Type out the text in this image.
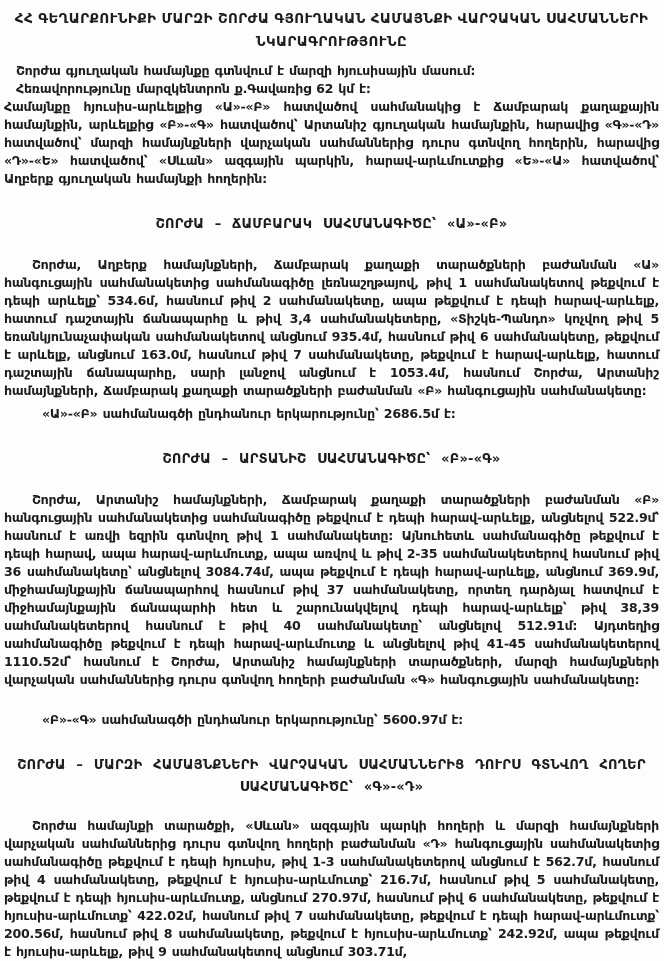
ՀՀ ԳԵՂԱՐՔՈՒՆԻՔԻ ՄԱՐԶԻ ՇՈՐԺԱ ԳՅՈՒՂԱԿԱՆ ՀԱՄԱՅՆՔԻ ՎԱՐՉԱԿԱՆ ՍԱՀՄԱՆՆԵՐԻ
ՆԿԱՐԱԳՐՈՒԹՅՈՒՆԸ

Շորժա գյուղական համայնքը գտնվում է մարզի հյուսիսային մասում:

Հեռավորությունը մարզկենտրոն ք.Գավառից 62 կմ է:

Համայնքը հյուսիս-արևելքից «Ա»-«Բ» հատվածով սահմանակից է Ճամբարակ քաղաքային համայնքին, արևելքից «Բ»-«Գ» հատվածով՝ Արտանիշ գյուղական համայնքին, հարավից «Գ»-«Դ» հատվածով՝ մարզի համայնքների վարչական սահմաններից դուրս գտնվող հողերին, հարավից «Դ»-«Ե» հատվածով՝ «Սևան» ազգային պարկին, հարավ-արևմուտքից «Ե»-«Ա» հատվածով՝ Աղբերք գյուղական համայնքի հողերին:

ՇՈՐԺԱ – ՃԱՄԲԱՐԱԿ ՍԱՀՄԱՆԱԳԻԾԸ՝ «Ա»-«Բ»

Շորժա, Աղբերք համայնքների, Ճամբարակ քաղաքի տարածքների բաժանման «Ա» հանգուցային սահմանակետից սահմանագիծը լեռնաշղթայով, թիվ 1 սահմանակետով թեքվում է դեպի արևելք՝ 534.6մ, հասնում թիվ 2 սահմանակետը, ապա թեքվում է դեպի հարավ-արևելք, հատում դաշտային ճանապարհը և թիվ 3,4 սահմանակետերը, «Տիշկե-Պանդո» կոչվող թիվ 5 եռանկյունաչափական սահմանակետով անցնում 935.4մ, հասնում թիվ 6 սահմանակետը, թեքվում է արևելք, անցնում 163.0մ, հասնում թիվ 7 սահմանակետը, թեքվում է հարավ-արևելք, հատում դաշտային ճանապարհը, սարի լանջով անցնում է 1053.4մ, հասնում Շորժա, Արտանիշ համայնքների, Ճամբարակ քաղաքի տարածքների բաժանման «Բ» հանգուցային սահմանակետը:

«Ա»-«Բ» սահմանագծի ընդհանուր երկարությունը՝ 2686.5մ է:

ՇՈՐԺԱ – ԱՐՏԱՆԻՇ ՍԱՀՄԱՆԱԳԻԾԸ՝ «Բ»-«Գ»

Շորժա, Արտանիշ համայնքների, Ճամբարակ քաղաքի տարածքների բաժանման «Բ» հանգուցային սահմանակետից սահմանագիծը թեքվում է դեպի հարավ-արևելք, անցնելով 522.9մ՝ հասնում է առվի եզրին գտնվող թիվ 1 սահմանակետը: Այնուհետև սահմանագիծը թեքվում է դեպի հարավ, ապա հարավ-արևմուտք, ապա առվով և թիվ 2-35 սահմանակետերով հասնում թիվ 36 սահմանակետը՝ անցնելով 3084.74մ, ապա թեքվում է դեպի հարավ-արևելք, անցնում 369.9մ, միջհամայնքային ճանապարհով հասնում թիվ 37 սահմանակետը, որտեղ դարձյալ հատվում է միջհամայնքային ճանապարհի հետ և շարունակվելով դեպի հարավ-արևելք՝ թիվ 38,39 սահմանակետերով հասնում է թիվ 40 սահմանակետը՝ անցնելով 512.91մ: Այդտեղից սահմանագիծը թեքվում է դեպի հարավ-արևմուտք և անցնելով թիվ 41-45 սահմանակետերով 1110.52մ՝ հասնում է Շորժա, Արտանիշ համայնքների տարածքների, մարզի համայնքների վարչական սահմաններից դուրս գտնվող հողերի բաժանման «Գ» հանգուցային սահմանակետը:

«Բ»-«Գ» սահմանագծի ընդհանուր երկարությունը՝ 5600.97մ է:

ՇՈՐԺԱ – ՄԱՐԶԻ ՀԱՄԱՅՆՔՆԵՐԻ ՎԱՐՉԱԿԱՆ ՍԱՀՄԱՆՆԵՐԻՑ ԴՈՒՐՍ ԳՏՆՎՈՂ ՀՈՂԵՐ ՍԱՀՄԱՆԱԳԻԾԸ՝ «Գ»-«Դ»

Շորժա համայնքի տարածքի, «Սևան» ազգային պարկի հողերի և մարզի համայնքների վարչական սահմաններից դուրս գտնվող հողերի բաժանման «Դ» հանգուցային սահմանակետից սահմանագիծը թեքվում է դեպի հյուսիս, թիվ 1-3 սահմանակետերով անցնում է 562.7մ, հասնում թիվ 4 սահմանակետը, թեքվում է հյուսիս-արևմուտք՝ 216.7մ, հասնում թիվ 5 սահմանակետը, թեքվում է դեպի հյուսիս-արևմուտք, անցնում 270.97մ, հասնում թիվ 6 սահմանակետը, թեքվում է հյուսիս-արևմուտք՝ 422.02մ, հասնում թիվ 7 սահմանակետը, թեքվում է դեպի հարավ-արևմուտք՝ 200.56մ, հասնում թիվ 8 սահմանակետը, թեքվում է հյուսիս-արևմուտք՝ 242.92մ, ապա թեքվում է հյուսիս-արևելք, թիվ 9 սահմանակետով անցնում 303.71մ,
